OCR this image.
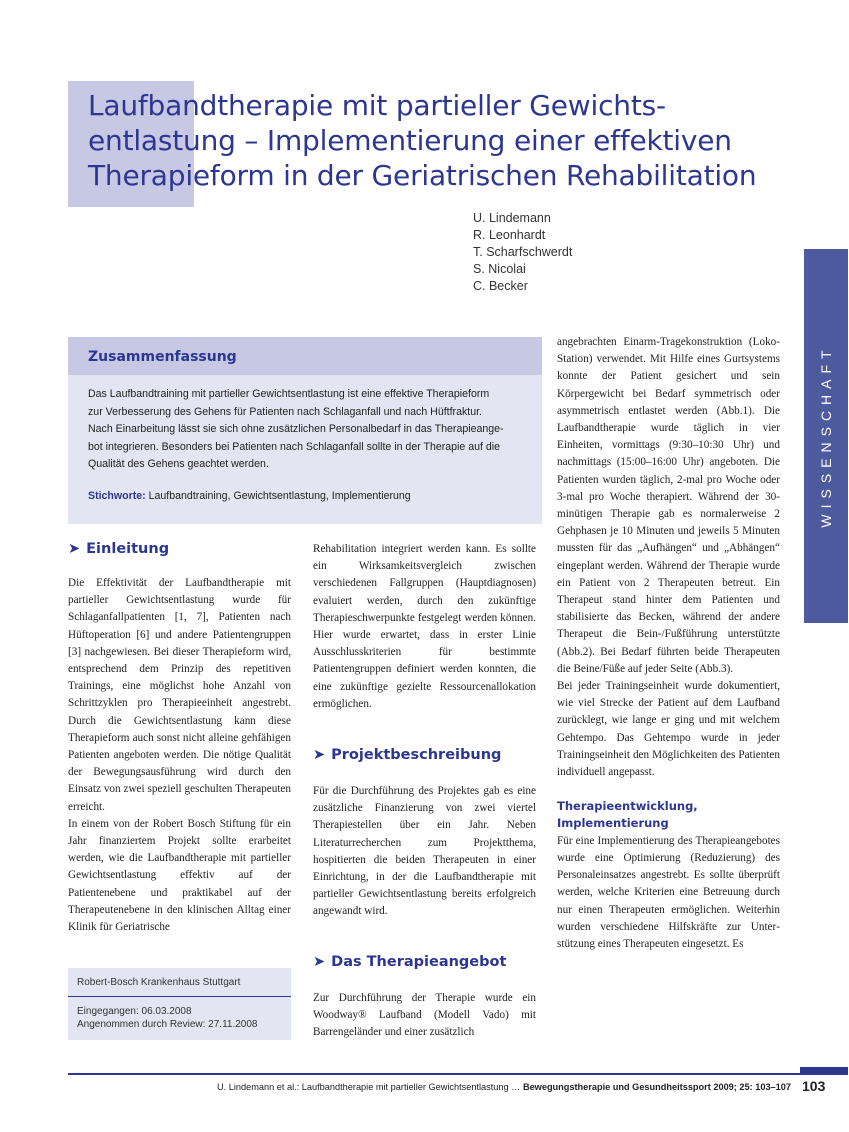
Laufbandtherapie mit partieller Gewichts-
entlastung – Implementierung einer effektiven
Therapieform in der Geriatrischen Rehabilitation
U. Lindemann
R. Leonhardt
T. Scharfschwerdt
S. Nicolai
C. Becker
WISSENSCHAFT
Zusammenfassung
Das Laufbandtraining mit partieller Gewichtsentlastung ist eine effektive Therapieform
zur Verbesserung des Gehens für Patienten nach Schlaganfall und nach Hüftfraktur.
Nach Einarbeitung lässt sie sich ohne zusätzlichen Personalbedarf in das Therapieange-
bot integrieren. Besonders bei Patienten nach Schlaganfall sollte in der Therapie auf die
Qualität des Gehens geachtet werden.
Stichworte: Laufbandtraining, Gewichtsentlastung, Implementierung
➤ Einleitung

Die Effektivität der Laufbandtherapie mit partieller Gewichtsentlastung wurde für Schlaganfallpatienten [1, 7], Patienten nach Hüftoperation [6] und andere Patientengruppen [3] nachgewiesen. Bei dieser Therapieform wird, entsprechend dem Prinzip des repetitiven Trainings, eine möglichst hohe Anzahl von Schrittzyklen pro Therapieeinheit angestrebt. Durch die Gewichtsentlastung kann diese Therapieform auch sonst nicht alleine gehfähigen Patienten angeboten werden. Die nötige Qualität der Bewegungsausführung wird durch den Einsatz von zwei speziell geschulten Therapeuten erreicht.

In einem von der Robert Bosch Stiftung für ein Jahr finanziertem Projekt sollte erarbeitet werden, wie die Laufbandtherapie mit partieller Gewichtsentlastung effektiv auf der Patientenebene und praktikabel auf der Therapeutenebene in den klinischen Alltag einer Klinik für Geriatrische

Robert-Bosch Krankenhaus Stuttgart
Eingegangen: 06.03.2008
Angenommen durch Review: 27.11.2008

Rehabilitation integriert werden kann. Es sollte ein Wirksamkeitsvergleich zwischen verschiedenen Fallgruppen (Hauptdiagnosen) evaluiert werden, durch den zukünftige Therapieschwerpunkte festgelegt werden können. Hier wurde erwartet, dass in erster Linie Ausschlusskriterien für bestimmte Patientengruppen definiert werden konnten, die eine zukünftige gezielte Ressourcenallokation ermöglichen.

➤ Projektbeschreibung

Für die Durchführung des Projektes gab es eine zusätzliche Finanzierung von zwei viertel Therapiestellen über ein Jahr. Neben Literaturrecherchen zum Projektthema, hospitierten die beiden Therapeuten in einer Einrichtung, in der die Laufbandtherapie mit partieller Gewichtsentlastung bereits erfolgreich angewandt wird.

➤ Das Therapieangebot

Zur Durchführung der Therapie wurde ein Woodway® Laufband (Modell Vado) mit Barrengeländer und einer zusätzlich

angebrachten Einarm-Tragekonstruktion (Loko-Station) verwendet. Mit Hilfe eines Gurtsystems konnte der Patient gesichert und sein Körpergewicht bei Bedarf symmetrisch oder asymmetrisch entlastet werden (Abb.1). Die Laufbandtherapie wurde täglich in vier Einheiten, vormittags (9:30–10:30 Uhr) und nachmittags (15:00–16:00 Uhr) angeboten. Die Patienten wurden täglich, 2-mal pro Woche oder 3-mal pro Woche therapiert. Während der 30-minütigen Therapie gab es normalerweise 2 Gehphasen je 10 Minuten und jeweils 5 Minuten mussten für das „Aufhängen“ und „Abhängen“ eingeplant werden. Während der Therapie wurde ein Patient von 2 Therapeuten betreut. Ein Therapeut stand hinter dem Patienten und stabilisierte das Becken, während der andere Therapeut die Bein-/Fußführung unterstützte (Abb.2). Bei Bedarf führten beide Therapeuten die Beine/Füße auf jeder Seite (Abb.3).

Bei jeder Trainingseinheit wurde dokumentiert, wie viel Strecke der Patient auf dem Laufband zurücklegt, wie lange er ging und mit welchem Gehtempo. Das Gehtempo wurde in jeder Trainingseinheit den Möglichkeiten des Patienten individuell angepasst.

Therapieentwicklung,
Implementierung

Für eine Implementierung des Therapieangebotes wurde eine Optimierung (Reduzierung) des Personaleinsatzes angestrebt. Es sollte überprüft werden, welche Kriterien eine Betreuung durch nur einen Therapeuten ermöglichen. Weiterhin wurden verschiedene Hilfskräfte zur Unterstützung eines Therapeuten eingesetzt. Es

U. Lindemann et al.: Laufbandtherapie mit partieller Gewichtsentlastung … Bewegungstherapie und Gesundheitssport 2009; 25: 103–107 103
